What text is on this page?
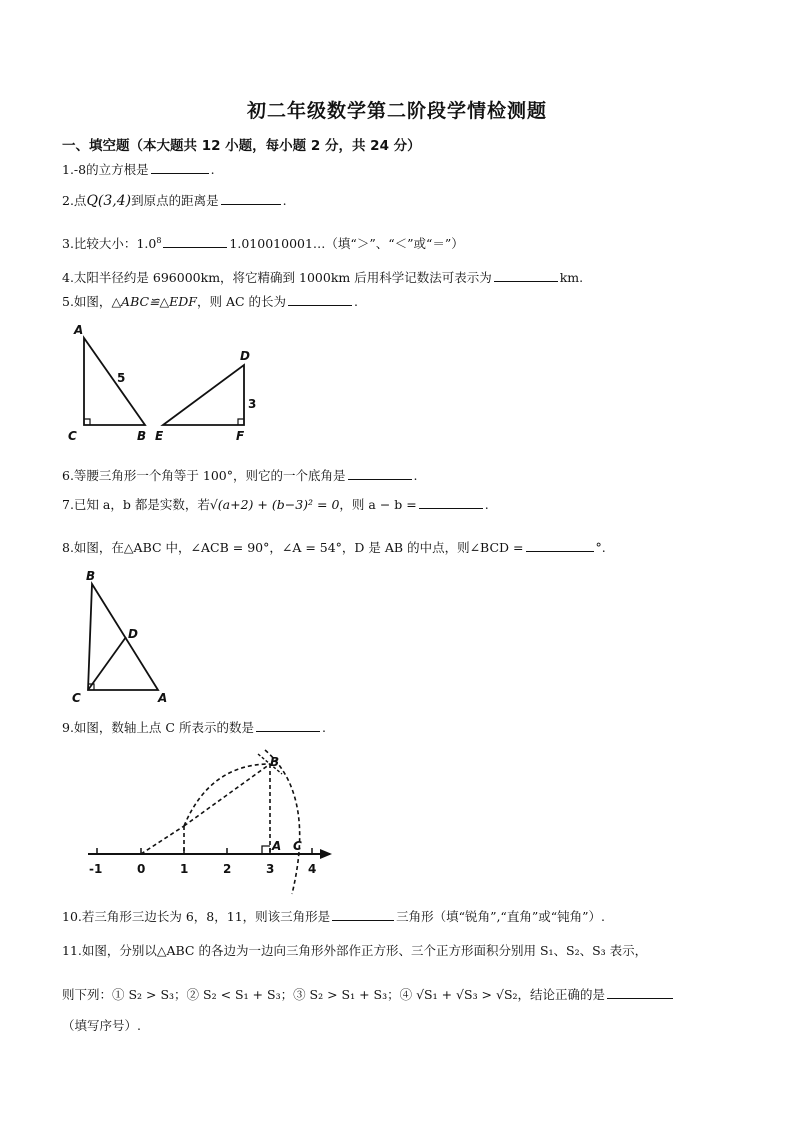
初二年级数学第二阶段学情检测题
一、填空题（本大题共 12 小题，每小题 2 分，共 24 分）
1.-8的立方根是	.
2.点Q(3,4)到原点的距离是	.
3.比较大小：$1.0^8$	1.010010001…（填“＞”、“＜”或“＝”）
4.太阳半径约是 696000km，将它精确到 1000km 后用科学记数法可表示为	km.
5.如图，△ABC≌△EDF，则 AC 的长为	.
A
C	B
5
D
E	F
3
6.等腰三角形一个角等于 100°，则它的一个底角是	.
7.已知 a，b 都是实数，若√(a+2) + (b−3)² = 0，则 a − b =	.
8.如图，在△ABC 中，∠ACB = 90°，∠A = 54°，D 是 AB 的中点，则∠BCD =	°.
B
D
C	A
9.如图，数轴上点 C 所表示的数是	.
-1	0	1	2	3	4
B
A C
10.若三角形三边长为 6，8，11，则该三角形是	三角形（填“锐角”,“直角”或“钝角”）.
11.如图，分别以△ABC 的各边为一边向三角形外部作正方形、三个正方形面积分别用 S₁、S₂、S₃ 表示，
则下列：① S₂ > S₃；② S₂ < S₁ + S₃；③ S₂ > S₁ + S₃；④ √S₁ + √S₃ > √S₂，结论正确的是
（填写序号）.
